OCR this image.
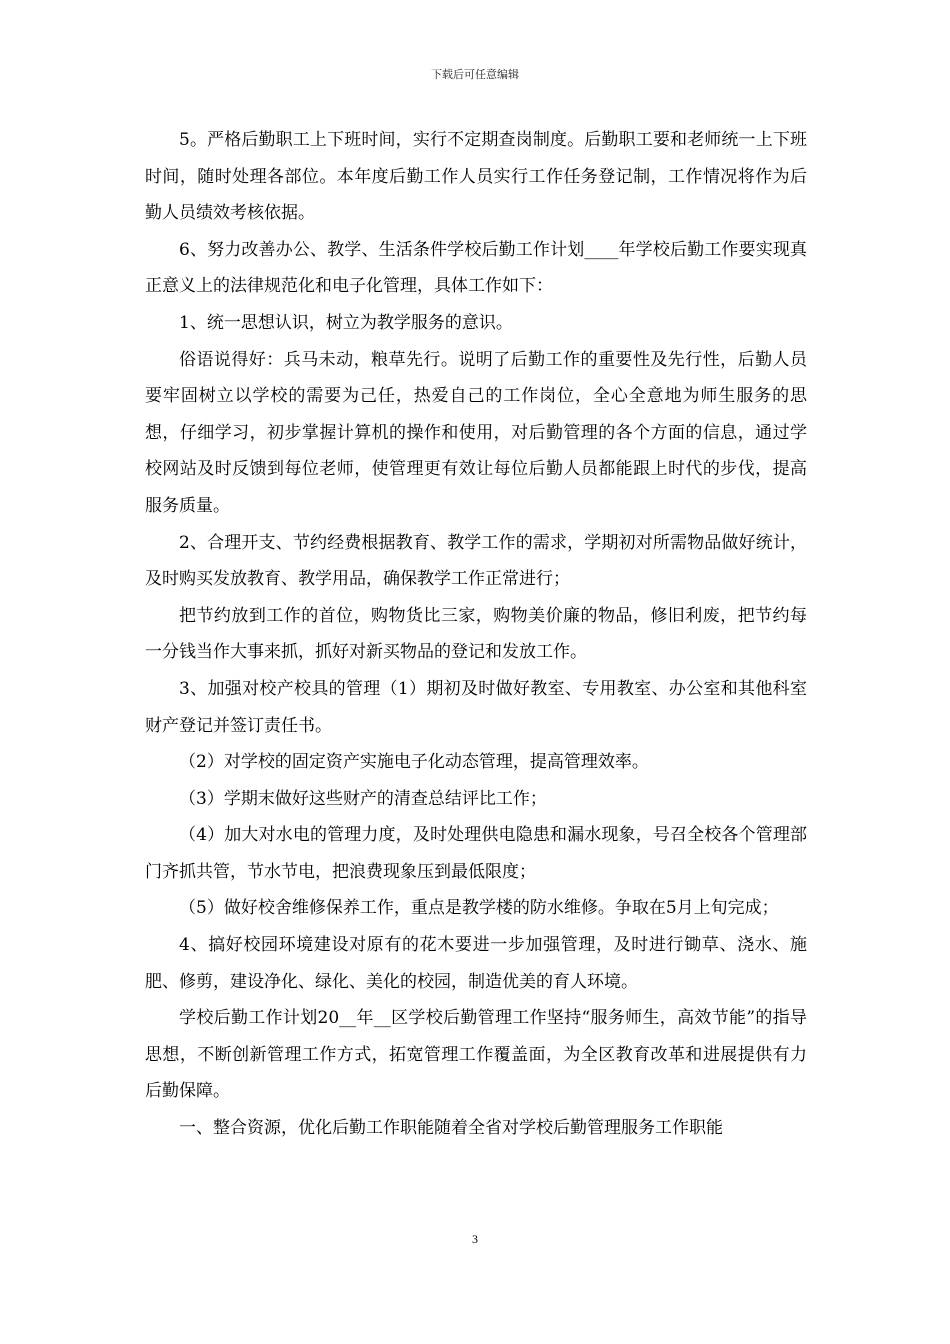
下载后可任意编辑

5。严格后勤职工上下班时间，实行不定期查岗制度。后勤职工要和老师统一上下班时间，随时处理各部位。本年度后勤工作人员实行工作任务登记制，工作情况将作为后勤人员绩效考核依据。

6、努力改善办公、教学、生活条件学校后勤工作计划____年学校后勤工作要实现真正意义上的法律规范化和电子化管理，具体工作如下：

1、统一思想认识，树立为教学服务的意识。

俗语说得好：兵马未动，粮草先行。说明了后勤工作的重要性及先行性，后勤人员要牢固树立以学校的需要为己任，热爱自己的工作岗位，全心全意地为师生服务的思想，仔细学习，初步掌握计算机的操作和使用，对后勤管理的各个方面的信息，通过学校网站及时反馈到每位老师，使管理更有效让每位后勤人员都能跟上时代的步伐，提高服务质量。

2、合理开支、节约经费根据教育、教学工作的需求，学期初对所需物品做好统计，及时购买发放教育、教学用品，确保教学工作正常进行；

把节约放到工作的首位，购物货比三家，购物美价廉的物品，修旧利废，把节约每一分钱当作大事来抓，抓好对新买物品的登记和发放工作。

3、加强对校产校具的管理（1）期初及时做好教室、专用教室、办公室和其他科室财产登记并签订责任书。

（2）对学校的固定资产实施电子化动态管理，提高管理效率。

（3）学期末做好这些财产的清查总结评比工作；

（4）加大对水电的管理力度，及时处理供电隐患和漏水现象，号召全校各个管理部门齐抓共管，节水节电，把浪费现象压到最低限度；

（5）做好校舍维修保养工作，重点是教学楼的防水维修。争取在5月上旬完成；

4、搞好校园环境建设对原有的花木要进一步加强管理，及时进行锄草、浇水、施肥、修剪，建设净化、绿化、美化的校园，制造优美的育人环境。

学校后勤工作计划20__年__区学校后勤管理工作坚持“服务师生，高效节能”的指导思想，不断创新管理工作方式，拓宽管理工作覆盖面，为全区教育改革和进展提供有力后勤保障。

一、整合资源，优化后勤工作职能随着全省对学校后勤管理服务工作职能

3
